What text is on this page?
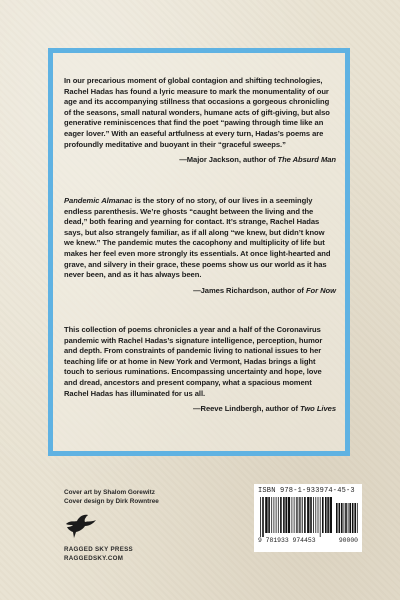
In our precarious moment of global contagion and shifting technologies, Rachel Hadas has found a lyric measure to mark the monumentality of our age and its accompanying stillness that occasions a gorgeous chronicling of the seasons, small natural wonders, humane acts of gift-giving, but also generative reminiscences that find the poet “pawing through time like an eager lover.” With an easeful artfulness at every turn, Hadas’s poems are profoundly meditative and buoyant in their “graceful sweeps.”

—Major Jackson, author of The Absurd Man

Pandemic Almanac is the story of no story, of our lives in a seemingly endless parenthesis. We’re ghosts “caught between the living and the dead,” both fearing and yearning for contact. It’s strange, Rachel Hadas says, but also strangely familiar, as if all along “we knew, but didn’t know we knew.” The pandemic mutes the cacophony and multiplicity of life but makes her feel even more strongly its essentials. At once light-hearted and grave, and silvery in their grace, these poems show us our world as it has never been, and as it has always been.

—James Richardson, author of For Now

This collection of poems chronicles a year and a half of the Coronavirus pandemic with Rachel Hadas’s signature intelligence, perception, humor and depth. From constraints of pandemic living to national issues to her teaching life or at home in New York and Vermont, Hadas brings a light touch to serious ruminations. Encompassing uncertainty and hope, love and dread, ancestors and present company, what a spacious moment Rachel Hadas has illuminated for us all.

—Reeve Lindbergh, author of Two Lives

Cover art by Shalom Gorewitz
Cover design by Dirk Rowntree
RAGGED SKY PRESS
RAGGEDSKY.COM
ISBN 978-1-933974-45-3
9 781933 974453	90000
